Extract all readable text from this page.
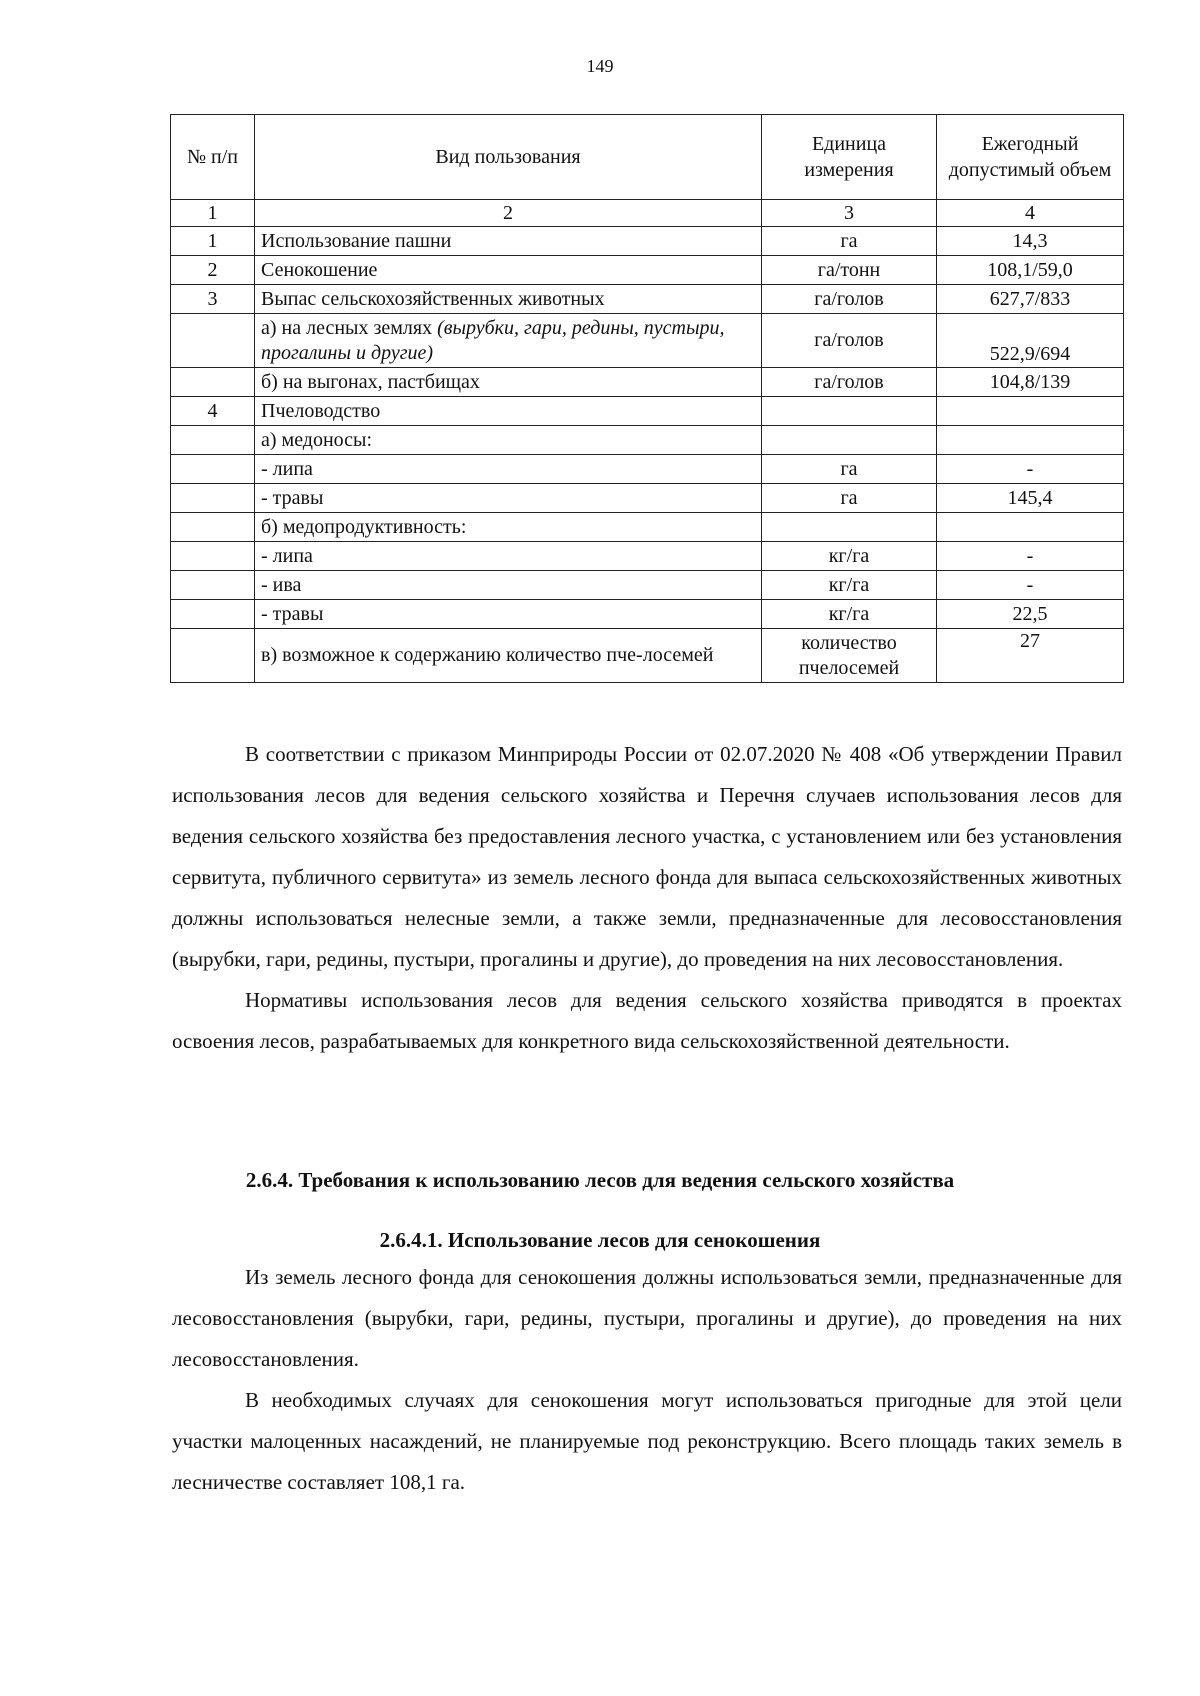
149
№ п/п	Вид пользования	Единица измерения	Ежегодный допустимый объем
1	2	3	4
1	Использование пашни	га	14,3
2	Сенокошение	га/тонн	108,1/59,0
3	Выпас сельскохозяйственных животных	га/голов	627,7/833
	а) на лесных землях (вырубки, гари, редины, пустыри, прогалины и другие)	га/голов	522,9/694
	б) на выгонах, пастбищах	га/голов	104,8/139
4	Пчеловодство		
	а) медоносы:		
	- липа	га	-
	- травы	га	145,4
	б) медопродуктивность:		
	- липа	кг/га	-
	- ива	кг/га	-
	- травы	кг/га	22,5
	в) возможное к содержанию количество пче-лосемей	количество пчелосемей	27

В соответствии с приказом Минприроды России от 02.07.2020 № 408 «Об утверждении Правил использования лесов для ведения сельского хозяйства и Перечня случаев использования лесов для ведения сельского хозяйства без предоставления лесного участка, с установлением или без установления сервитута, публичного сервитута» из земель лесного фонда для выпаса сельскохозяйственных животных должны использоваться нелесные земли, а также земли, предназначенные для лесовосстановления (вырубки, гари, редины, пустыри, прогалины и другие), до проведения на них лесовосстановления.

Нормативы использования лесов для ведения сельского хозяйства приводятся в проектах освоения лесов, разрабатываемых для конкретного вида сельскохозяйственной деятельности.

2.6.4. Требования к использованию лесов для ведения сельского хозяйства
2.6.4.1. Использование лесов для сенокошения

Из земель лесного фонда для сенокошения должны использоваться земли, предназначенные для лесовосстановления (вырубки, гари, редины, пустыри, прогалины и другие), до проведения на них лесовосстановления.

В необходимых случаях для сенокошения могут использоваться пригодные для этой цели участки малоценных насаждений, не планируемые под реконструкцию. Всего площадь таких земель в лесничестве составляет 108,1 га.
